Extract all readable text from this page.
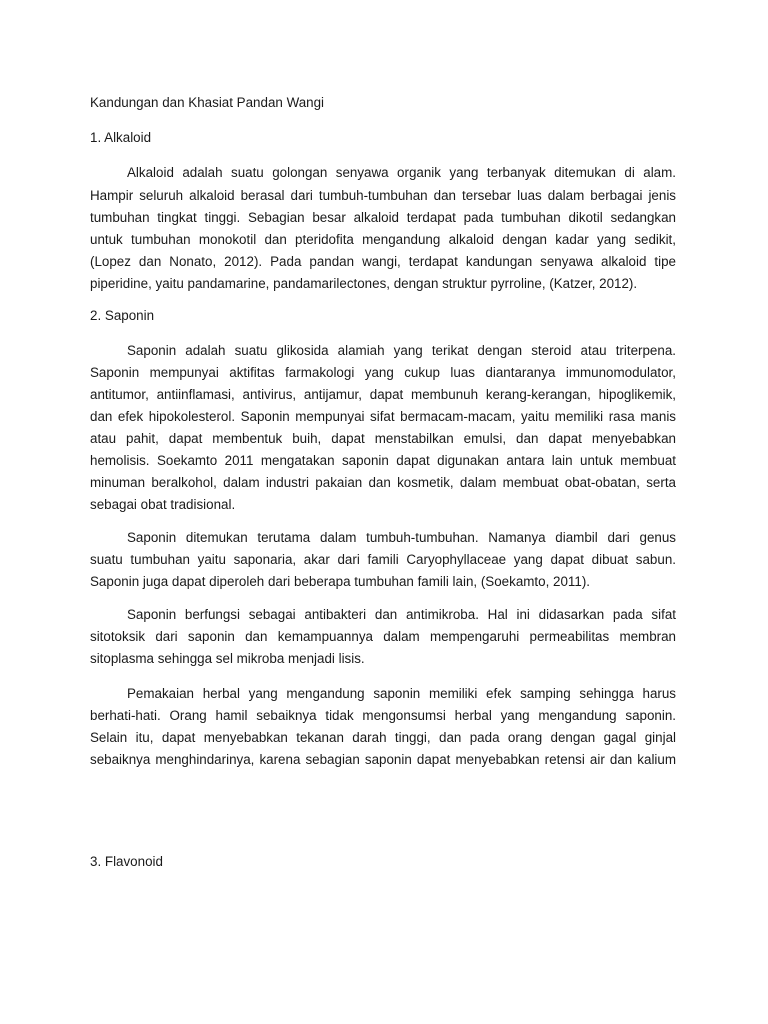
Kandungan dan Khasiat Pandan Wangi

1. Alkaloid

Alkaloid adalah suatu golongan senyawa organik yang terbanyak ditemukan di alam.

Hampir seluruh alkaloid berasal dari tumbuh-tumbuhan dan tersebar luas dalam berbagai jenis

tumbuhan tingkat tinggi. Sebagian besar alkaloid terdapat pada tumbuhan dikotil sedangkan

untuk tumbuhan monokotil dan pteridofita mengandung alkaloid dengan kadar yang sedikit,

(Lopez dan Nonato, 2012). Pada pandan wangi, terdapat kandungan senyawa alkaloid tipe

piperidine, yaitu pandamarine, pandamarilectones, dengan struktur pyrroline, (Katzer, 2012).

2. Saponin

Saponin adalah suatu glikosida alamiah yang terikat dengan steroid atau triterpena.

Saponin mempunyai aktifitas farmakologi yang cukup luas diantaranya immunomodulator,

antitumor, antiinflamasi, antivirus, antijamur, dapat membunuh kerang-kerangan, hipoglikemik,

dan efek hipokolesterol. Saponin mempunyai sifat bermacam-macam, yaitu memiliki rasa manis

atau pahit, dapat membentuk buih, dapat menstabilkan emulsi, dan dapat menyebabkan

hemolisis. Soekamto 2011 mengatakan saponin dapat digunakan antara lain untuk membuat

minuman beralkohol, dalam industri pakaian dan kosmetik, dalam membuat obat-obatan, serta

sebagai obat tradisional.

Saponin ditemukan terutama dalam tumbuh-tumbuhan. Namanya diambil dari genus

suatu tumbuhan yaitu saponaria, akar dari famili Caryophyllaceae yang dapat dibuat sabun.

Saponin juga dapat diperoleh dari beberapa tumbuhan famili lain, (Soekamto, 2011).

Saponin berfungsi sebagai antibakteri dan antimikroba. Hal ini didasarkan pada sifat

sitotoksik dari saponin dan kemampuannya dalam mempengaruhi permeabilitas membran

sitoplasma sehingga sel mikroba menjadi lisis.

Pemakaian herbal yang mengandung saponin memiliki efek samping sehingga harus

berhati-hati. Orang hamil sebaiknya tidak mengonsumsi herbal yang mengandung saponin.

Selain itu, dapat menyebabkan tekanan darah tinggi, dan pada orang dengan gagal ginjal

sebaiknya menghindarinya, karena sebagian saponin dapat menyebabkan retensi air dan kalium

3. Flavonoid
